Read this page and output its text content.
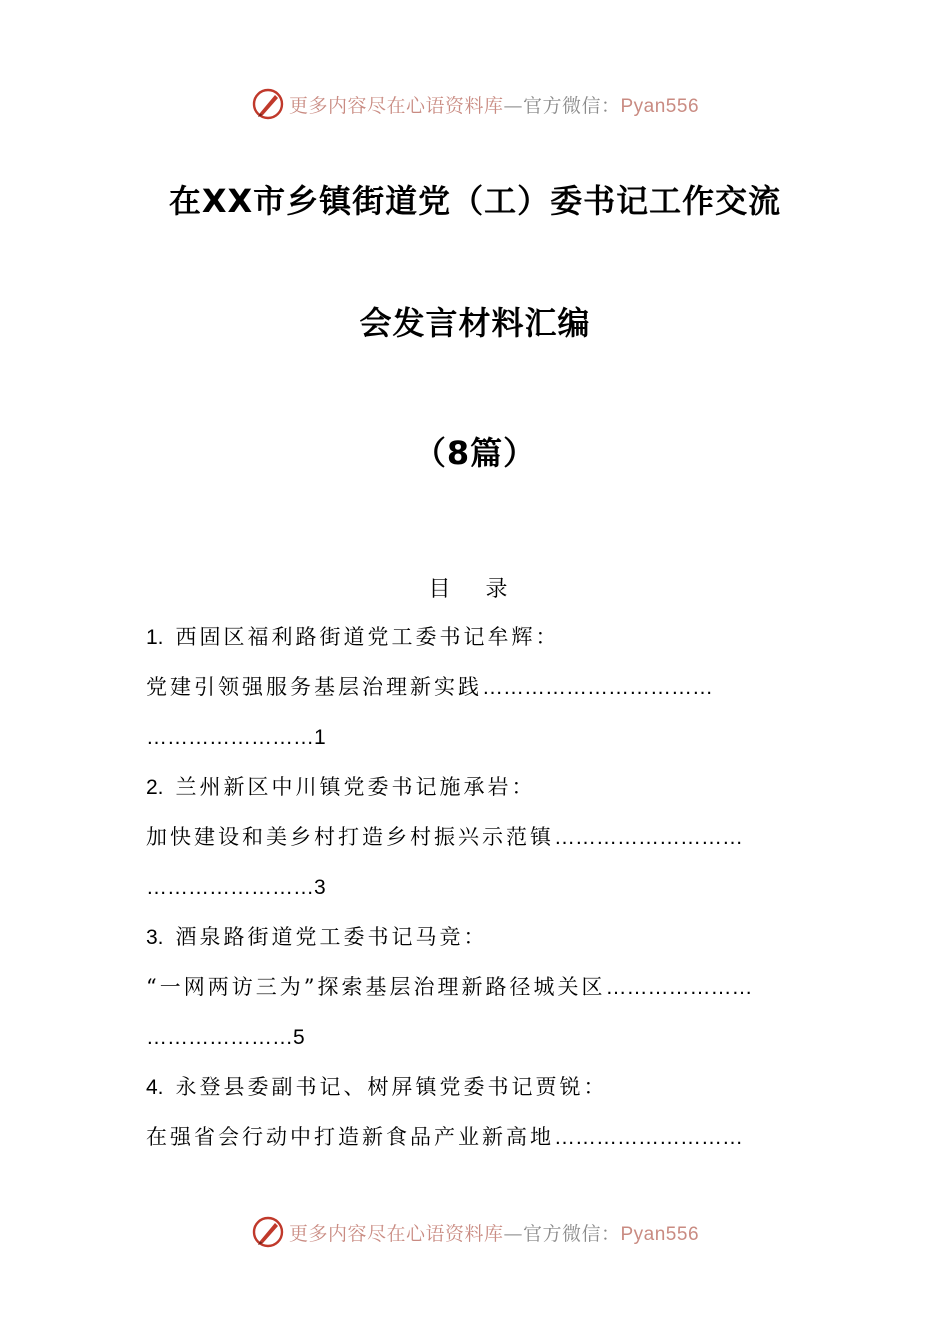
更多内容尽在心语资料库—官方微信：Pyan556
在XX市乡镇街道党（工）委书记工作交流
会发言材料汇编
（8篇）
目 录
1. 西固区福利路街道党工委书记牟辉：
党建引领强服务基层治理新实践……………………………
……………………1
2. 兰州新区中川镇党委书记施承岩：
加快建设和美乡村打造乡村振兴示范镇………………………
……………………3
3. 酒泉路街道党工委书记马竞：
“一网两访三为”探索基层治理新路径城关区…………………
…………………5
4. 永登县委副书记、树屏镇党委书记贾锐：
在强省会行动中打造新食品产业新高地………………………
更多内容尽在心语资料库—官方微信：Pyan556
